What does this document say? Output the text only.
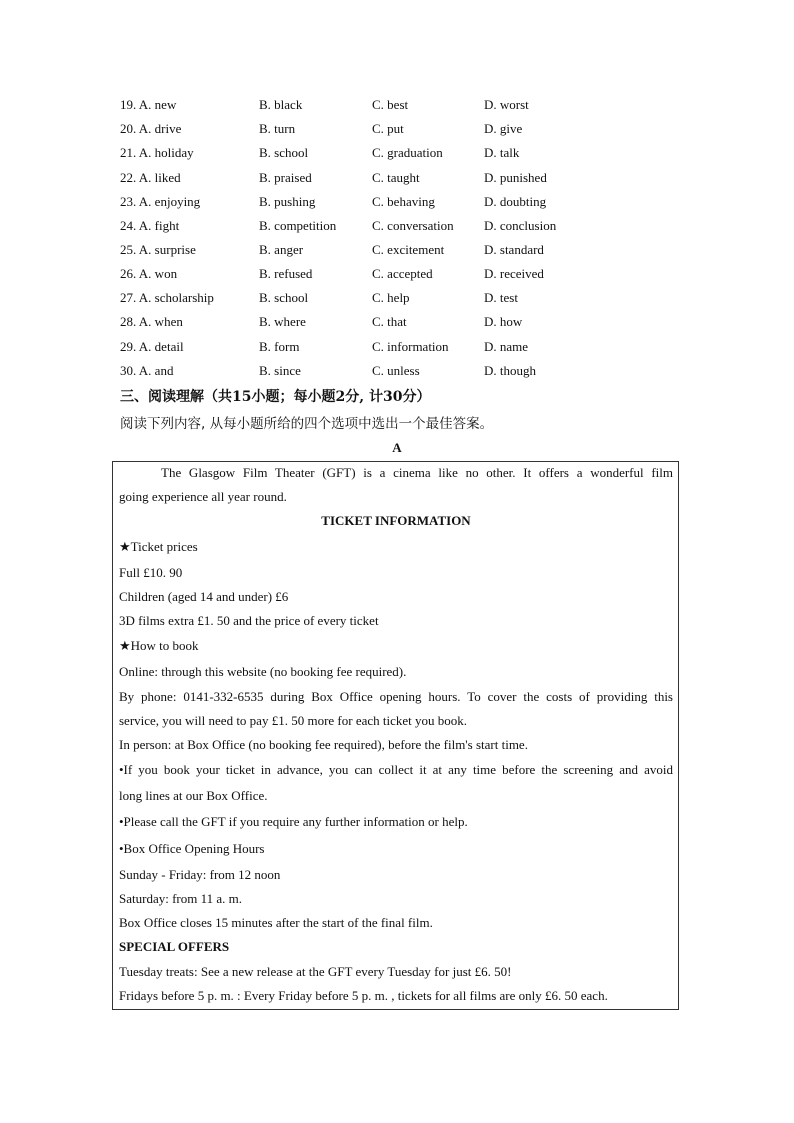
19. A. new	B. black	C. best	D. worst
20. A. drive	B. turn	C. put	D. give
21. A. holiday	B. school	C. graduation	D. talk
22. A. liked	B. praised	C. taught	D. punished
23. A. enjoying	B. pushing	C. behaving	D. doubting
24. A. fight	B. competition	C. conversation D. conclusion
25. A. surprise	B. anger	C. excitement	D. standard
26. A. won	B. refused	C. accepted	D. received
27. A. scholarship	B. school	C. help	D. test
28. A. when	B. where	C. that	D. how
29. A. detail	B. form	C. information	D. name
30. A. and	B. since	C. unless	D. though
三、阅读理解（共15小题；每小题2分, 计30分）
阅读下列内容, 从每小题所给的四个选项中选出一个最佳答案。
A
The Glasgow Film Theater (GFT) is a cinema like no other. It offers a wonderful film
going experience all year round.
TICKET INFORMATION
★Ticket prices
Full £10. 90
Children (aged 14 and under) £6
3D films extra £1. 50 and the price of every ticket
★How to book
Online: through this website (no booking fee required).
By phone: 0141-332-6535 during Box Office opening hours. To cover the costs of providing this
service, you will need to pay £1. 50 more for each ticket you book.
In person: at Box Office (no booking fee required), before the film's start time.
•If you book your ticket in advance, you can collect it at any time before the screening and avoid
long lines at our Box Office.
•Please call the GFT if you require any further information or help.
•Box Office Opening Hours
Sunday - Friday: from 12 noon
Saturday: from 11 a. m.
Box Office closes 15 minutes after the start of the final film.
SPECIAL OFFERS
Tuesday treats: See a new release at the GFT every Tuesday for just £6. 50!
Fridays before 5 p. m. : Every Friday before 5 p. m. , tickets for all films are only £6. 50 each.
